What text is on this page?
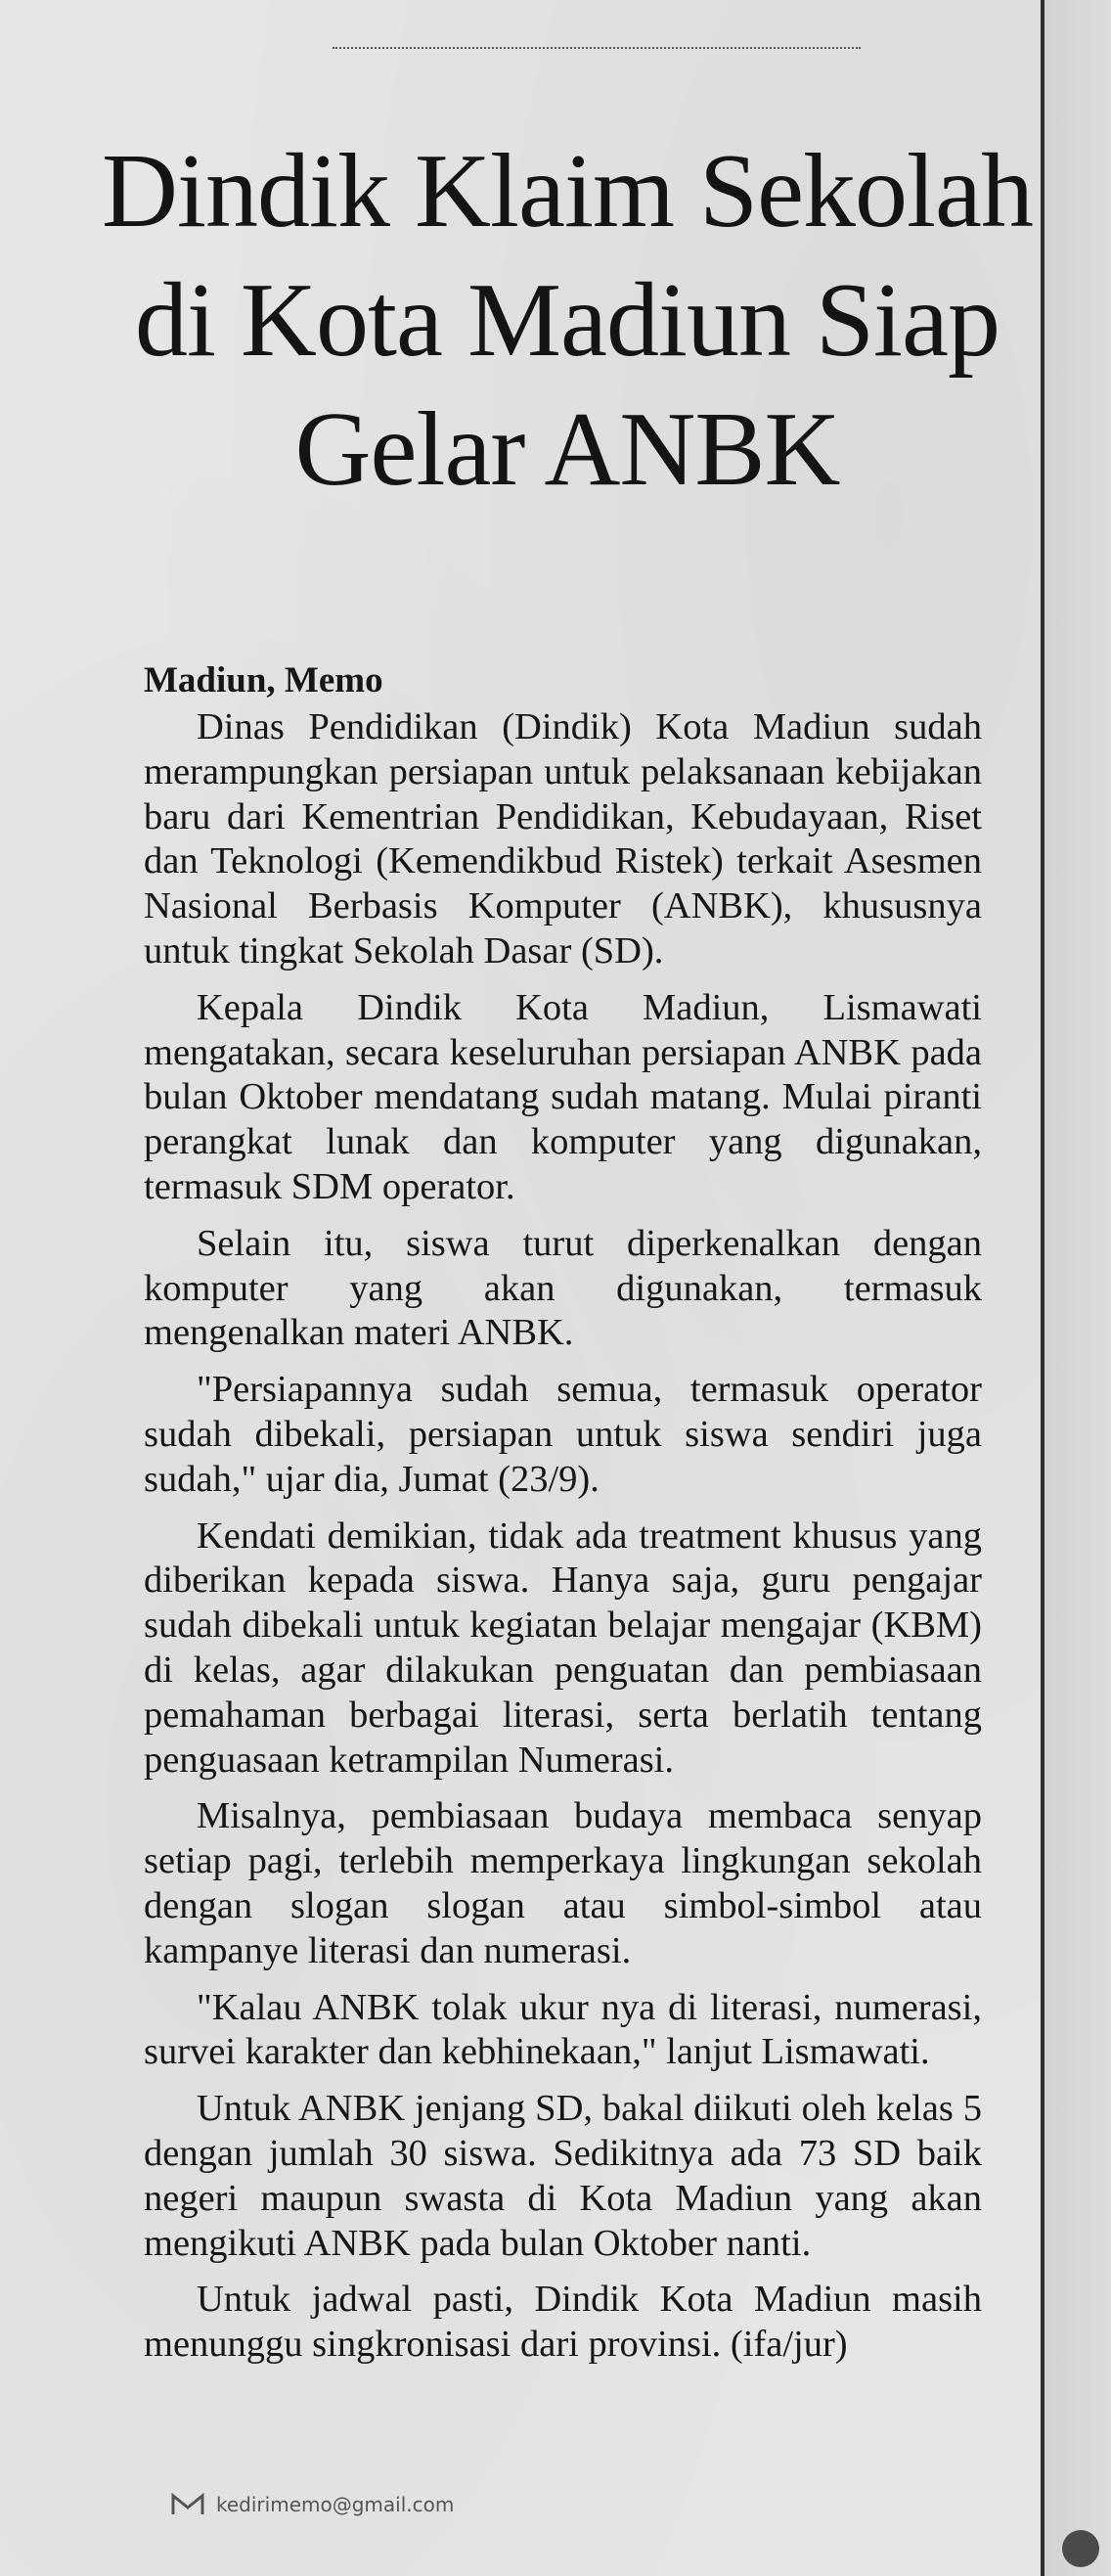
Dindik Klaim Sekolah di Kota Madiun Siap Gelar ANBK
Madiun, Memo

Dinas Pendidikan (Dindik) Kota Madiun sudah merampungkan persiapan untuk pelaksanaan kebijakan baru dari Kementrian Pendidikan, Kebudayaan, Riset dan Teknologi (Kemendikbud Ristek) terkait Asesmen Nasional Berbasis Komputer (ANBK), khususnya untuk tingkat Sekolah Dasar (SD).

Kepala Dindik Kota Madiun, Lismawati mengatakan, secara keseluruhan persiapan ANBK pada bulan Oktober mendatang sudah matang. Mulai piranti perangkat lunak dan komputer yang digunakan, termasuk SDM operator.

Selain itu, siswa turut diperkenalkan dengan komputer yang akan digunakan, termasuk mengenalkan materi ANBK.

"Persiapannya sudah semua, termasuk operator sudah dibekali, persiapan untuk siswa sendiri juga sudah," ujar dia, Jumat (23/9).

Kendati demikian, tidak ada treatment khusus yang diberikan kepada siswa. Hanya saja, guru pengajar sudah dibekali untuk kegiatan belajar mengajar (KBM) di kelas, agar dilakukan penguatan dan pembiasaan pemahaman berbagai literasi, serta berlatih tentang penguasaan ketrampilan Numerasi.

Misalnya, pembiasaan budaya membaca senyap setiap pagi, terlebih memperkaya lingkungan sekolah dengan slogan slogan atau simbol-simbol atau kampanye literasi dan numerasi.

"Kalau ANBK tolak ukur nya di literasi, numerasi, survei karakter dan kebhinekaan," lanjut Lismawati.

Untuk ANBK jenjang SD, bakal diikuti oleh kelas 5 dengan jumlah 30 siswa. Sedikitnya ada 73 SD baik negeri maupun swasta di Kota Madiun yang akan mengikuti ANBK pada bulan Oktober nanti.

Untuk jadwal pasti, Dindik Kota Madiun masih menunggu singkronisasi dari provinsi. (ifa/jur)

kedirimemo@gmail.com
